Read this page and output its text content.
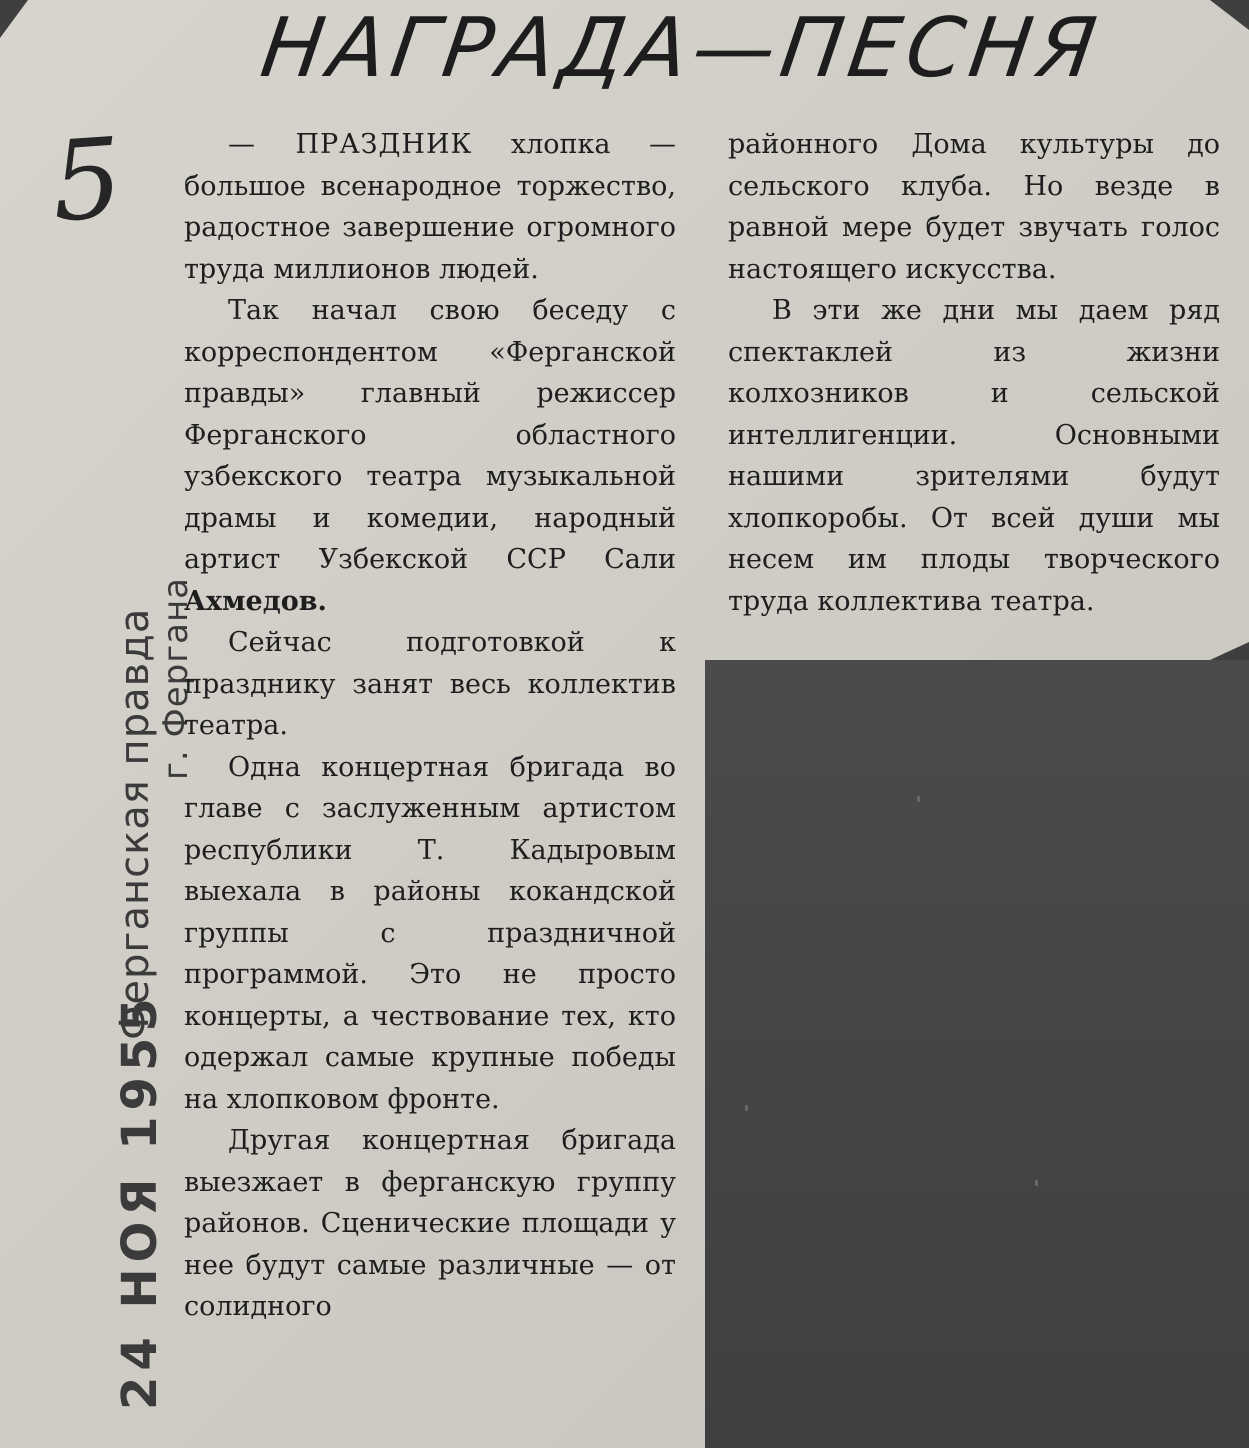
НАГРАДА—ПЕСНЯ
5
24 НОЯ 1955
Ферганская правда
г. Фергана

— ПРАЗДНИК хлопка — большое всенародное торжество, радостное завершение огромного труда миллионов людей.

Так начал свою беседу с корреспондентом «Ферганской правды» главный режиссер Ферганского областного узбекского театра музыкальной драмы и комедии, народный артист Узбекской ССР Сали Ахмедов.

Сейчас подготовкой к празднику занят весь коллектив театра.

Одна концертная бригада во главе с заслуженным артистом республики Т. Кадыровым выехала в районы кокандской группы с праздничной программой. Это не просто концерты, а чествование тех, кто одержал самые крупные победы на хлопковом фронте.

Другая концертная бригада выезжает в ферганскую группу районов. Сценические площади у нее будут самые различные — от солидного

районного Дома культуры до сельского клуба. Но везде в равной мере будет звучать голос настоящего искусства.

В эти же дни мы даем ряд спектаклей из жизни колхозников и сельской интеллигенции. Основными нашими зрителями будут хлопкоробы. От всей души мы несем им плоды творческого труда коллектива театра.
